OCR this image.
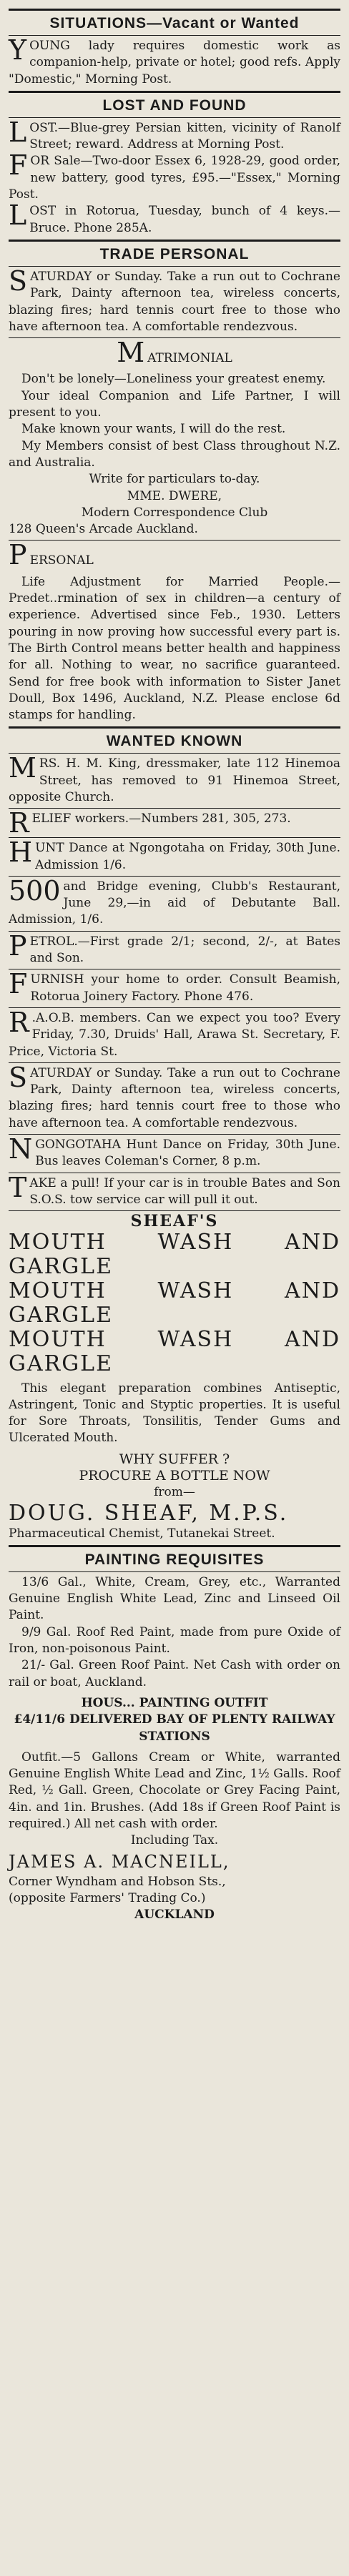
SITUATIONS—Vacant or Wanted
Y OUNG lady requires domestic work as companion-help, private or hotel; good refs. Apply "Domestic," Morning Post.

LOST AND FOUND
L OST.—Blue-grey Persian kitten, vicinity of Ranolf Street; reward. Address at Morning Post.

F OR Sale—Two-door Essex 6, 1928-29, good order, new battery, good tyres, £95.—"Essex," Morning Post.

L OST in Rotorua, Tuesday, bunch of 4 keys.—Bruce. Phone 285A.

TRADE PERSONAL
S ATURDAY or Sunday. Take a run out to Cochrane Park, Dainty afternoon tea, wireless concerts, blazing fires; hard tennis court free to those who have afternoon tea. A comfortable rendezvous.

MATRIMONIAL

Don't be lonely—Loneliness your greatest enemy.

Your ideal Companion and Life Partner, I will present to you.

Make known your wants, I will do the rest.

My Members consist of best Class throughout N.Z. and Australia.

Write for particulars to-day.

MME. DWERE,

Modern Correspondence Club

128 Queen's Arcade Auckland.

PERSONAL

Life Adjustment for Married People.—Predet..rmination of sex in children—a century of experience. Advertised since Feb., 1930. Letters pouring in now proving how successful every part is. The Birth Control means better health and happiness for all. Nothing to wear, no sacrifice guaranteed. Send for free book with information to Sister Janet Doull, Box 1496, Auckland, N.Z. Please enclose 6d stamps for handling.

WANTED KNOWN
M RS. H. M. King, dressmaker, late 112 Hinemoa Street, has removed to 91 Hinemoa Street, opposite Church.

R ELIEF workers.—Numbers 281, 305, 273.

H UNT Dance at Ngongotaha on Friday, 30th June. Admission 1/6.

500 and Bridge evening, Clubb's Restaurant, June 29,—in aid of Debutante Ball. Admission, 1/6.

P ETROL.—First grade 2/1; second, 2/-, at Bates and Son.

F URNISH your home to order. Consult Beamish, Rotorua Joinery Factory. Phone 476.

R .A.O.B. members. Can we expect you too? Every Friday, 7.30, Druids' Hall, Arawa St. Secretary, F. Price, Victoria St.

S ATURDAY or Sunday. Take a run out to Cochrane Park, Dainty afternoon tea, wireless concerts, blazing fires; hard tennis court free to those who have afternoon tea. A comfortable rendezvous.

N GONGOTAHA Hunt Dance on Friday, 30th June. Bus leaves Coleman's Corner, 8 p.m.

T AKE a pull! If your car is in trouble Bates and Son S.O.S. tow service car will pull it out.

SHEAF'S

MOUTH WASH AND GARGLE

MOUTH WASH AND GARGLE

MOUTH WASH AND GARGLE

This elegant preparation combines Antiseptic, Astringent, Tonic and Styptic properties. It is useful for Sore Throats, Tonsilitis, Tender Gums and Ulcerated Mouth.

WHY SUFFER ?

PROCURE A BOTTLE NOW

from—

DOUG. SHEAF, M.P.S.

Pharmaceutical Chemist, Tutanekai Street.

PAINTING REQUISITES

13/6 Gal., White, Cream, Grey, etc., Warranted Genuine English White Lead, Zinc and Linseed Oil Paint.

9/9 Gal. Roof Red Paint, made from pure Oxide of Iron, non-poisonous Paint.

21/- Gal. Green Roof Paint. Net Cash with order on rail or boat, Auckland.

HOUS... PAINTING OUTFIT

£4/11/6 DELIVERED BAY OF PLENTY RAILWAY STATIONS

Outfit.—5 Gallons Cream or White, warranted Genuine English White Lead and Zinc, 1½ Galls. Roof Red, ½ Gall. Green, Chocolate or Grey Facing Paint, 4in. and 1in. Brushes. (Add 18s if Green Roof Paint is required.) All net cash with order.

Including Tax.

JAMES A. MACNEILL,

Corner Wyndham and Hobson Sts.,

(opposite Farmers' Trading Co.)

AUCKLAND
